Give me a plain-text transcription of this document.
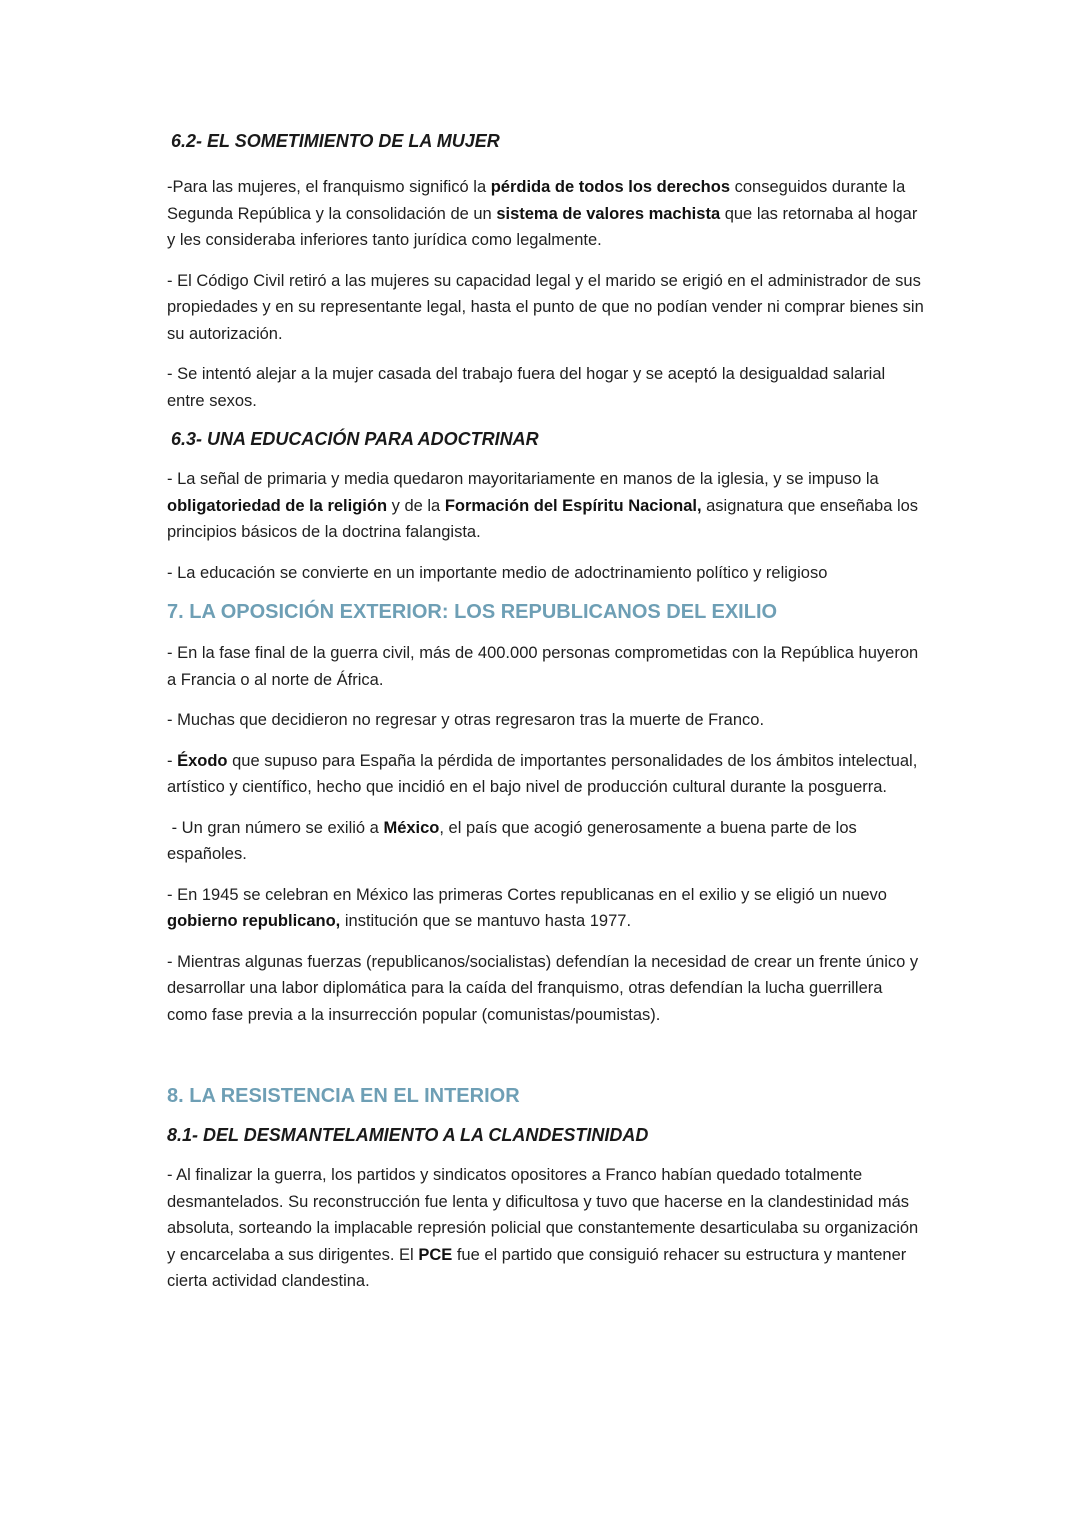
6.2- EL SOMETIMIENTO DE LA MUJER

-Para las mujeres, el franquismo significó la pérdida de todos los derechos conseguidos durante la Segunda República y la consolidación de un sistema de valores machista que las retornaba al hogar y les consideraba inferiores tanto jurídica como legalmente.

- El Código Civil retiró a las mujeres su capacidad legal y el marido se erigió en el administrador de sus propiedades y en su representante legal, hasta el punto de que no podían vender ni comprar bienes sin su autorización.

- Se intentó alejar a la mujer casada del trabajo fuera del hogar y se aceptó la desigualdad salarial entre sexos.

6.3- UNA EDUCACIÓN PARA ADOCTRINAR

- La señal de primaria y media quedaron mayoritariamente en manos de la iglesia, y se impuso la obligatoriedad de la religión y de la Formación del Espíritu Nacional, asignatura que enseñaba los principios básicos de la doctrina falangista.

- La educación se convierte en un importante medio de adoctrinamiento político y religioso

7. LA OPOSICIÓN EXTERIOR: LOS REPUBLICANOS DEL EXILIO

- En la fase final de la guerra civil, más de 400.000 personas comprometidas con la República huyeron a Francia o al norte de África.

- Muchas que decidieron no regresar y otras regresaron tras la muerte de Franco.

- Éxodo que supuso para España la pérdida de importantes personalidades de los ámbitos intelectual, artístico y científico, hecho que incidió en el bajo nivel de producción cultural durante la posguerra.

- Un gran número se exilió a México, el país que acogió generosamente a buena parte de los españoles.

- En 1945 se celebran en México las primeras Cortes republicanas en el exilio y se eligió un nuevo gobierno republicano, institución que se mantuvo hasta 1977.

- Mientras algunas fuerzas (republicanos/socialistas) defendían la necesidad de crear un frente único y desarrollar una labor diplomática para la caída del franquismo, otras defendían la lucha guerrillera como fase previa a la insurrección popular (comunistas/poumistas).

8. LA RESISTENCIA EN EL INTERIOR
8.1- DEL DESMANTELAMIENTO A LA CLANDESTINIDAD

- Al finalizar la guerra, los partidos y sindicatos opositores a Franco habían quedado totalmente desmantelados. Su reconstrucción fue lenta y dificultosa y tuvo que hacerse en la clandestinidad más absoluta, sorteando la implacable represión policial que constantemente desarticulaba su organización y encarcelaba a sus dirigentes. El PCE fue el partido que consiguió rehacer su estructura y mantener cierta actividad clandestina.
